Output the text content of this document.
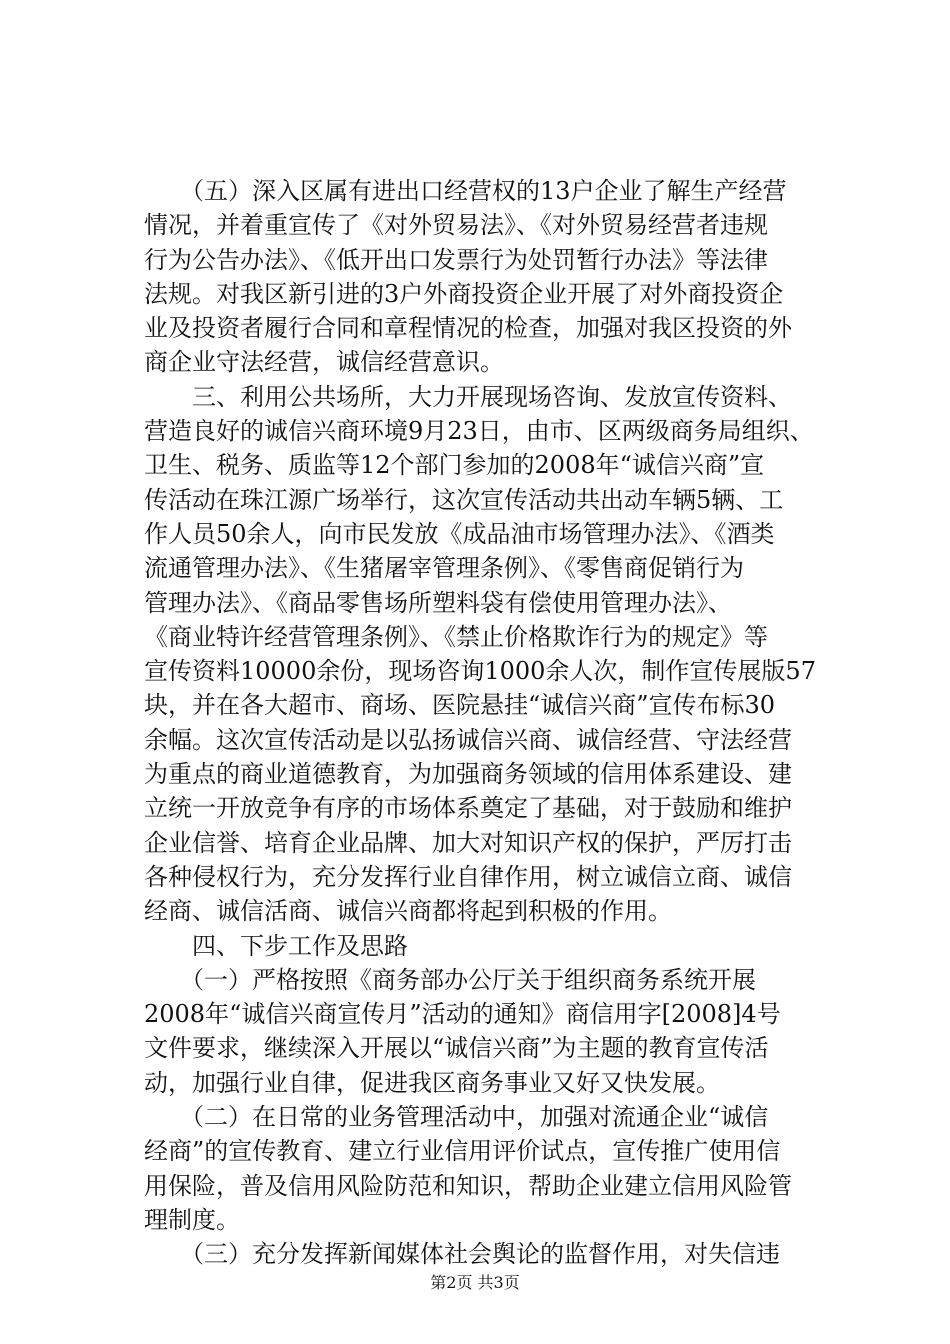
　　（五）深入区属有进出口经营权的13户企业了解生产经营
情况，并着重宣传了《对外贸易法》、《对外贸易经营者违规
行为公告办法》、《低开出口发票行为处罚暂行办法》等法律
法规。对我区新引进的3户外商投资企业开展了对外商投资企
业及投资者履行合同和章程情况的检查，加强对我区投资的外
商企业守法经营，诚信经营意识。
　　三、利用公共场所，大力开展现场咨询、发放宣传资料、
营造良好的诚信兴商环境9月23日，由市、区两级商务局组织、
卫生、税务、质监等12个部门参加的2008年“诚信兴商”宣
传活动在珠江源广场举行，这次宣传活动共出动车辆5辆、工
作人员50余人，向市民发放《成品油市场管理办法》、《酒类
流通管理办法》、《生猪屠宰管理条例》、《零售商促销行为
管理办法》、《商品零售场所塑料袋有偿使用管理办法》、
《商业特许经营管理条例》、《禁止价格欺诈行为的规定》等
宣传资料10000余份，现场咨询1000余人次，制作宣传展版57
块，并在各大超市、商场、医院悬挂“诚信兴商”宣传布标30
余幅。这次宣传活动是以弘扬诚信兴商、诚信经营、守法经营
为重点的商业道德教育，为加强商务领域的信用体系建设、建
立统一开放竞争有序的市场体系奠定了基础，对于鼓励和维护
企业信誉、培育企业品牌、加大对知识产权的保护，严厉打击
各种侵权行为，充分发挥行业自律作用，树立诚信立商、诚信
经商、诚信活商、诚信兴商都将起到积极的作用。
　　四、下步工作及思路
　　（一）严格按照《商务部办公厅关于组织商务系统开展
2008年“诚信兴商宣传月”活动的通知》商信用字[2008]4号
文件要求，继续深入开展以“诚信兴商”为主题的教育宣传活
动，加强行业自律，促进我区商务事业又好又快发展。
　　（二）在日常的业务管理活动中，加强对流通企业“诚信
经商”的宣传教育、建立行业信用评价试点，宣传推广使用信
用保险，普及信用风险防范和知识，帮助企业建立信用风险管
理制度。
　　（三）充分发挥新闻媒体社会舆论的监督作用，对失信违
第2页 共3页
